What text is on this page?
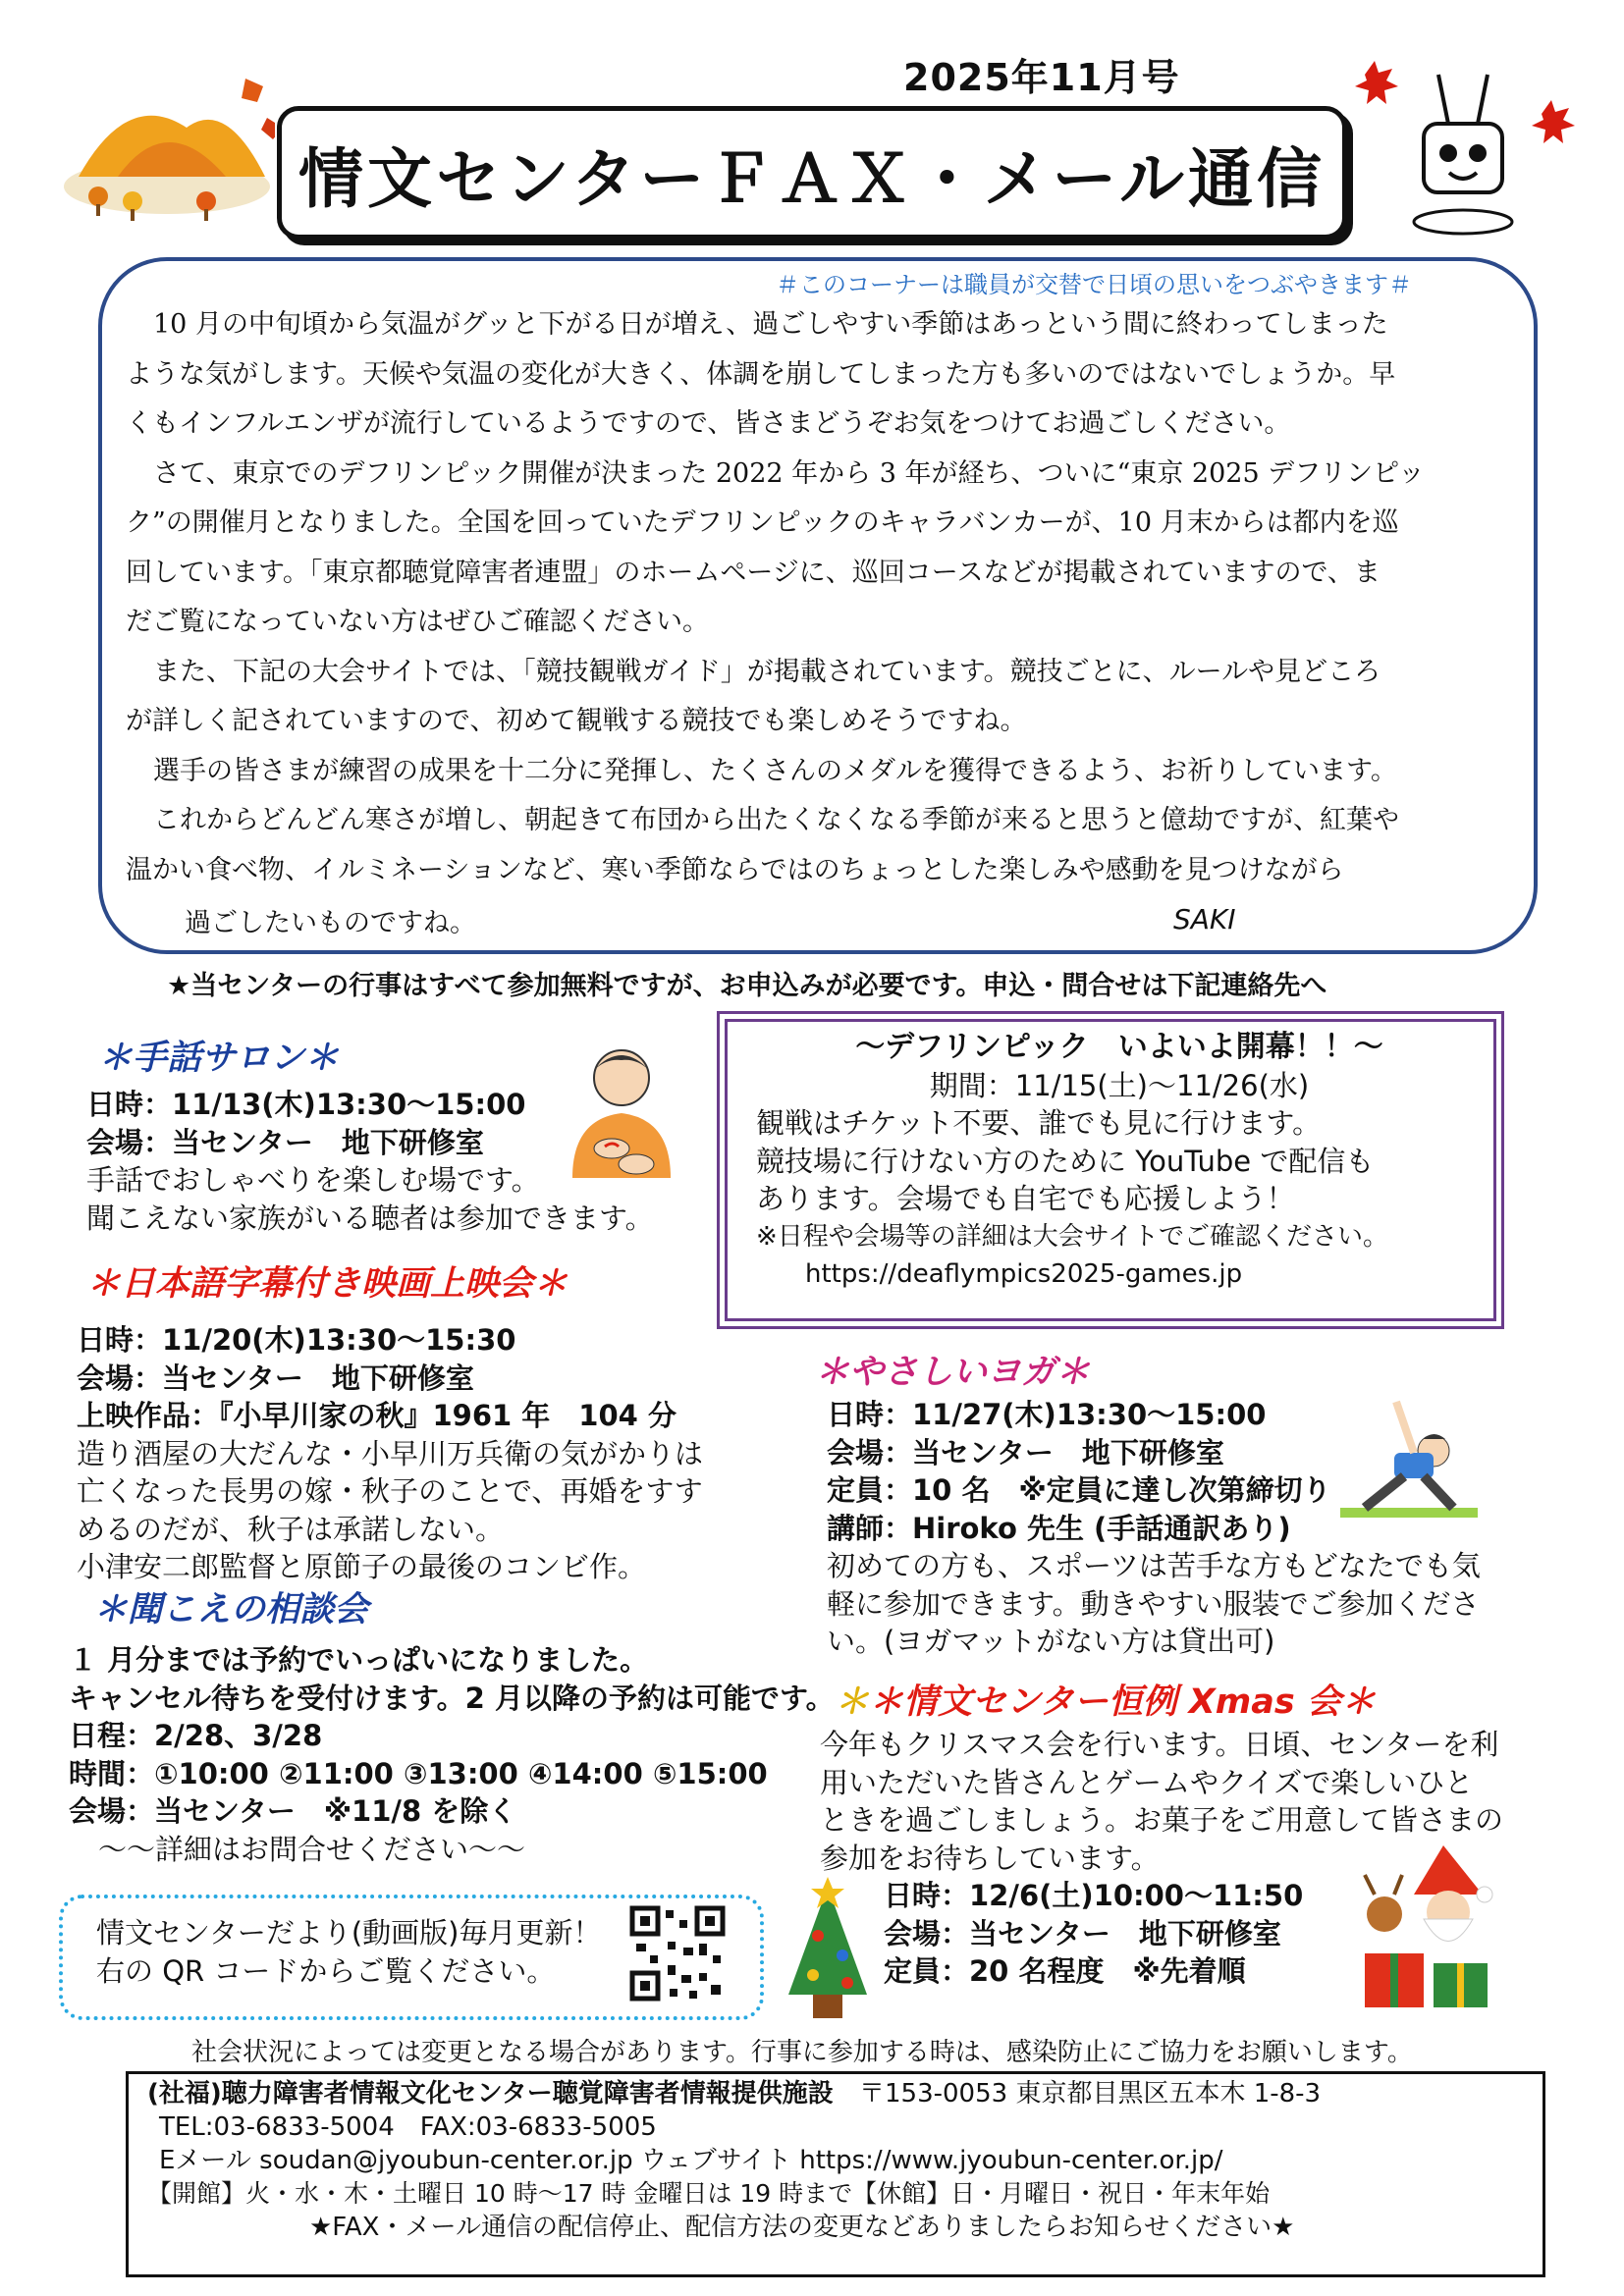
2025年11月号
情文センターＦＡＸ・メール通信
＃このコーナーは職員が交替で日頃の思いをつぶやきます＃

10 月の中旬頃から気温がグッと下がる日が増え、過ごしやすい季節はあっという間に終わってしまった

ような気がします。天候や気温の変化が大きく、体調を崩してしまった方も多いのではないでしょうか。早

くもインフルエンザが流行しているようですので、皆さまどうぞお気をつけてお過ごしください。

さて、東京でのデフリンピック開催が決まった 2022 年から 3 年が経ち、ついに“東京 2025 デフリンピッ

ク”の開催月となりました。全国を回っていたデフリンピックのキャラバンカーが、10 月末からは都内を巡

回しています。「東京都聴覚障害者連盟」のホームページに、巡回コースなどが掲載されていますので、ま

だご覧になっていない方はぜひご確認ください。

また、下記の大会サイトでは、「競技観戦ガイド」が掲載されています。競技ごとに、ルールや見どころ

が詳しく記されていますので、初めて観戦する競技でも楽しめそうですね。

選手の皆さまが練習の成果を十二分に発揮し、たくさんのメダルを獲得できるよう、お祈りしています。

これからどんどん寒さが増し、朝起きて布団から出たくなくなる季節が来ると思うと億劫ですが、紅葉や

温かい食べ物、イルミネーションなど、寒い季節ならではのちょっとした楽しみや感動を見つけながら

過ごしたいものですね。	SAKI
★当センターの行事はすべて参加無料ですが、お申込みが必要です。申込・問合せは下記連絡先へ
＊手話サロン＊
日時：11/13(木)13:30～15:00
会場：当センター　地下研修室
手話でおしゃべりを楽しむ場です。
聞こえない家族がいる聴者は参加できます。
～デフリンピック　いよいよ開幕！！～
期間：11/15(土)～11/26(水)
観戦はチケット不要、誰でも見に行けます。
競技場に行けない方のために YouTube で配信も
あります。会場でも自宅でも応援しよう！
※日程や会場等の詳細は大会サイトでご確認ください。
https://deaflympics2025-games.jp
＊日本語字幕付き映画上映会＊
日時：11/20(木)13:30～15:30
会場：当センター　地下研修室
上映作品：『小早川家の秋』1961 年　104 分
造り酒屋の大だんな・小早川万兵衛の気がかりは
亡くなった長男の嫁・秋子のことで、再婚をすす
めるのだが、秋子は承諾しない。
小津安二郎監督と原節子の最後のコンビ作。
＊やさしいヨガ＊
日時：11/27(木)13:30～15:00
会場：当センター　地下研修室
定員：10 名　※定員に達し次第締切り
講師：Hiroko 先生 (手話通訳あり)
初めての方も、スポーツは苦手な方もどなたでも気
軽に参加できます。動きやすい服装でご参加くださ
い。(ヨガマットがない方は貸出可)
＊聞こえの相談会
１ 月分までは予約でいっぱいになりました。
キャンセル待ちを受付けます。2 月以降の予約は可能です。
日程：2/28、3/28
時間：①10:00 ②11:00 ③13:00 ④14:00 ⑤15:00
会場：当センター　※11/8 を除く
～～詳細はお問合せください～～
＊＊情文センター恒例 Xmas 会＊
今年もクリスマス会を行います。日頃、センターを利
用いただいた皆さんとゲームやクイズで楽しいひと
ときを過ごしましょう。お菓子をご用意して皆さまの
参加をお待ちしています。
日時：12/6(土)10:00～11:50
会場：当センター　地下研修室
定員：20 名程度　※先着順
情文センターだより(動画版)毎月更新！
右の QR コードからご覧ください。
社会状況によっては変更となる場合があります。行事に参加する時は、感染防止にご協力をお願いします。
(社福)聴力障害者情報文化センター聴覚障害者情報提供施設 〒153-0053 東京都目黒区五本木 1-8-3
TEL:03-6833-5004　FAX:03-6833-5005
Eメール soudan@jyoubun-center.or.jp ウェブサイト https://www.jyoubun-center.or.jp/
【開館】火・水・木・土曜日 10 時～17 時 金曜日は 19 時まで【休館】日・月曜日・祝日・年末年始
★FAX・メール通信の配信停止、配信方法の変更などありましたらお知らせください★
